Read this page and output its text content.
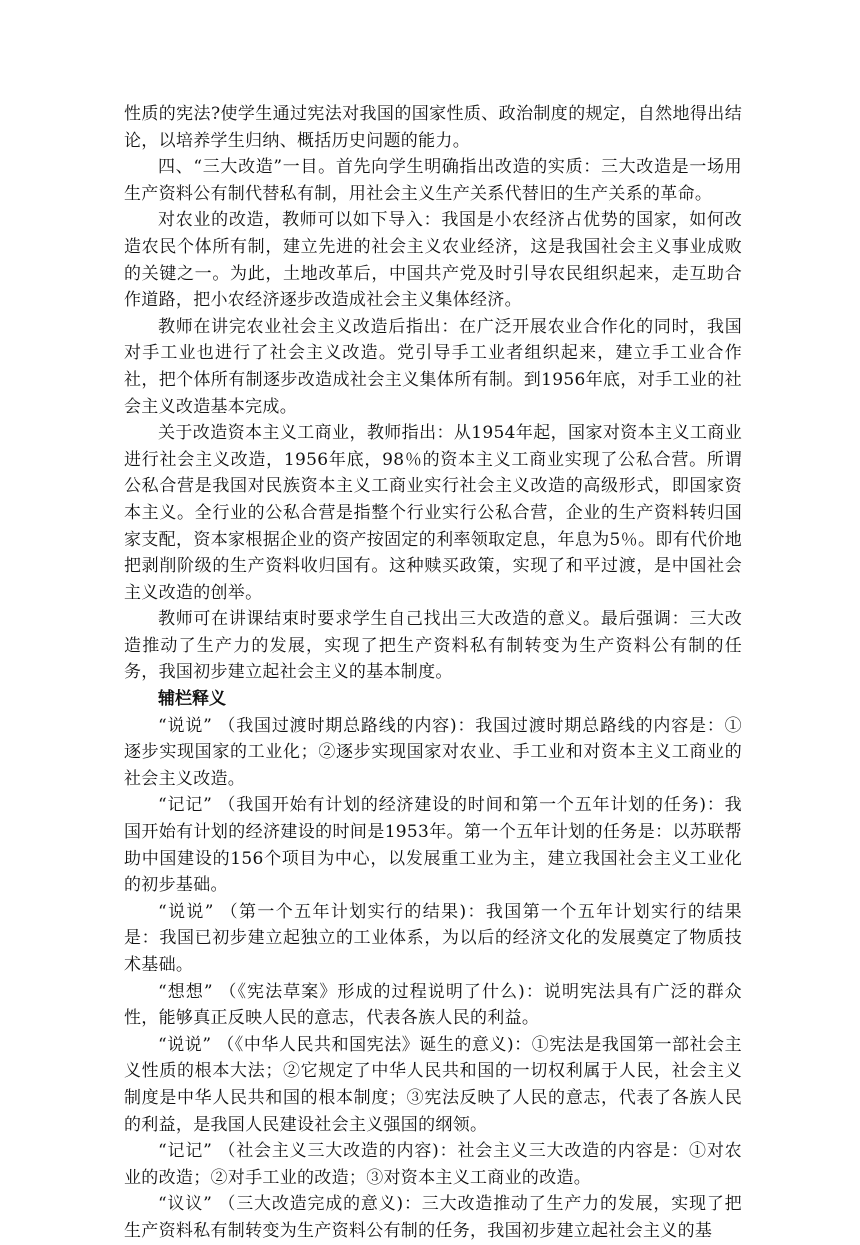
性质的宪法?使学生通过宪法对我国的国家性质、政治制度的规定，自然地得出结论，以培养学生归纳、概括历史问题的能力。

四、“三大改造”一目。首先向学生明确指出改造的实质：三大改造是一场用生产资料公有制代替私有制，用社会主义生产关系代替旧的生产关系的革命。

对农业的改造，教师可以如下导入：我国是小农经济占优势的国家，如何改造农民个体所有制，建立先进的社会主义农业经济，这是我国社会主义事业成败的关键之一。为此，土地改革后，中国共产党及时引导农民组织起来，走互助合作道路，把小农经济逐步改造成社会主义集体经济。

教师在讲完农业社会主义改造后指出：在广泛开展农业合作化的同时，我国对手工业也进行了社会主义改造。党引导手工业者组织起来，建立手工业合作社，把个体所有制逐步改造成社会主义集体所有制。到1956年底，对手工业的社会主义改造基本完成。

关于改造资本主义工商业，教师指出：从1954年起，国家对资本主义工商业进行社会主义改造，1956年底，98％的资本主义工商业实现了公私合营。所谓公私合营是我国对民族资本主义工商业实行社会主义改造的高级形式，即国家资本主义。全行业的公私合营是指整个行业实行公私合营，企业的生产资料转归国家支配，资本家根据企业的资产按固定的利率领取定息，年息为5％。即有代价地把剥削阶级的生产资料收归国有。这种赎买政策，实现了和平过渡，是中国社会主义改造的创举。

教师可在讲课结束时要求学生自己找出三大改造的意义。最后强调：三大改造推动了生产力的发展，实现了把生产资料私有制转变为生产资料公有制的任务，我国初步建立起社会主义的基本制度。

辅栏释义

“说说” （我国过渡时期总路线的内容)：我国过渡时期总路线的内容是：①逐步实现国家的工业化；②逐步实现国家对农业、手工业和对资本主义工商业的社会主义改造。

“记记” （我国开始有计划的经济建设的时间和第一个五年计划的任务)：我国开始有计划的经济建设的时间是1953年。第一个五年计划的任务是：以苏联帮助中国建设的156个项目为中心，以发展重工业为主，建立我国社会主义工业化的初步基础。

“说说” （第一个五年计划实行的结果)：我国第一个五年计划实行的结果是：我国已初步建立起独立的工业体系，为以后的经济文化的发展奠定了物质技术基础。

“想想” （《宪法草案》形成的过程说明了什么)：说明宪法具有广泛的群众性，能够真正反映人民的意志，代表各族人民的利益。

“说说” （《中华人民共和国宪法》诞生的意义)：①宪法是我国第一部社会主义性质的根本大法；②它规定了中华人民共和国的一切权利属于人民，社会主义制度是中华人民共和国的根本制度；③宪法反映了人民的意志，代表了各族人民的利益，是我国人民建设社会主义强国的纲领。

“记记” （社会主义三大改造的内容)：社会主义三大改造的内容是：①对农业的改造；②对手工业的改造；③对资本主义工商业的改造。

“议议” （三大改造完成的意义)：三大改造推动了生产力的发展，实现了把生产资料私有制转变为生产资料公有制的任务，我国初步建立起社会主义的基
